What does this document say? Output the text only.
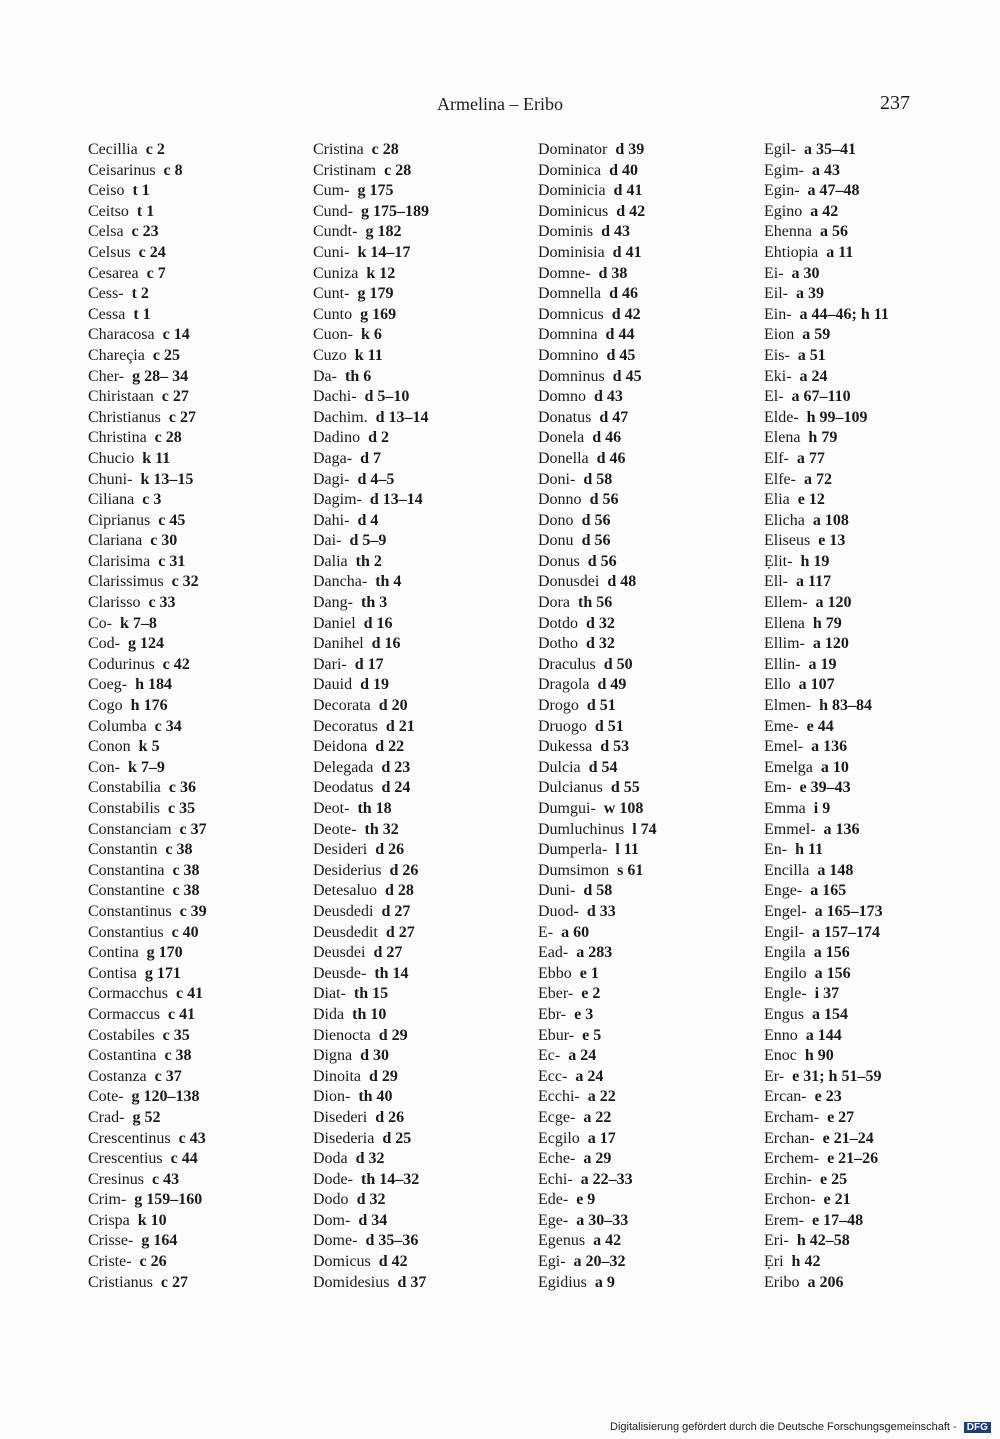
Armelina – Eribo	237
Cecillia c 2
Ceisarinus c 8
Ceiso t 1
Ceitso t 1
Celsa c 23
Celsus c 24
Cesarea c 7
Cess- t 2
Cessa t 1
Characosa c 14
Chareçia c 25
Cher- g 28– 34
Chiristaan c 27
Christianus c 27
Christina c 28
Chucio k 11
Chuni- k 13–15
Ciliana c 3
Ciprianus c 45
Clariana c 30
Clarisima c 31
Clarissimus c 32
Clarisso c 33
Co- k 7–8
Cod- g 124
Codurinus c 42
Coeg- h 184
Cogo h 176
Columba c 34
Conon k 5
Con- k 7–9
Constabilia c 36
Constabilis c 35
Constanciam c 37
Constantin c 38
Constantina c 38
Constantine c 38
Constantinus c 39
Constantius c 40
Contina g 170
Contisa g 171
Cormacchus c 41
Cormaccus c 41
Costabiles c 35
Costantina c 38
Costanza c 37
Cote- g 120–138
Crad- g 52
Crescentinus c 43
Crescentius c 44
Cresinus c 43
Crim- g 159–160
Crispa k 10
Crisse- g 164
Criste- c 26
Cristianus c 27
Cristina c 28
Cristinam c 28
Cum- g 175
Cund- g 175–189
Cundt- g 182
Cuni- k 14–17
Cuniza k 12
Cunt- g 179
Cunto g 169
Cuon- k 6
Cuzo k 11
Da- th 6
Dachi- d 5–10
Dachim. d 13–14
Dadino d 2
Daga- d 7
Dagi- d 4–5
Dagim- d 13–14
Dahi- d 4
Dai- d 5–9
Dalia th 2
Dancha- th 4
Dang- th 3
Daniel d 16
Danihel d 16
Dari- d 17
Dauid d 19
Decorata d 20
Decoratus d 21
Deidona d 22
Delegada d 23
Deodatus d 24
Deot- th 18
Deote- th 32
Desideri d 26
Desiderius d 26
Detesaluo d 28
Deusdedi d 27
Deusdedit d 27
Deusdei d 27
Deusde- th 14
Diat- th 15
Dida th 10
Dienocta d 29
Digna d 30
Dinoita d 29
Dion- th 40
Disederi d 26
Disederia d 25
Doda d 32
Dode- th 14–32
Dodo d 32
Dom- d 34
Dome- d 35–36
Domicus d 42
Domidesius d 37
Dominator d 39
Dominica d 40
Dominicia d 41
Dominicus d 42
Dominis d 43
Dominisia d 41
Domne- d 38
Domnella d 46
Domnicus d 42
Domnina d 44
Domnino d 45
Domninus d 45
Domno d 43
Donatus d 47
Donela d 46
Donella d 46
Doni- d 58
Donno d 56
Dono d 56
Donu d 56
Donus d 56
Donusdei d 48
Dora th 56
Dotdo d 32
Dotho d 32
Draculus d 50
Dragola d 49
Drogo d 51
Druogo d 51
Dukessa d 53
Dulcia d 54
Dulcianus d 55
Dumgui- w 108
Dumluchinus l 74
Dumperla- l 11
Dumsimon s 61
Duni- d 58
Duod- d 33
E- a 60
Ead- a 283
Ebbo e 1
Eber- e 2
Ebr- e 3
Ebur- e 5
Ec- a 24
Ecc- a 24
Ecchi- a 22
Ecge- a 22
Ecgilo a 17
Eche- a 29
Echi- a 22–33
Ede- e 9
Ege- a 30–33
Egenus a 42
Egi- a 20–32
Egidius a 9
Egil- a 35–41
Egim- a 43
Egin- a 47–48
Egino a 42
Ehenna a 56
Ehtiopia a 11
Ei- a 30
Eil- a 39
Ein- a 44–46; h 11
Eion a 59
Eis- a 51
Eki- a 24
El- a 67–110
Elde- h 99–109
Elena h 79
Elf- a 77
Elfe- a 72
Elia e 12
Elicha a 108
Eliseus e 13
Ẹlit- h 19
Ell- a 117
Ellem- a 120
Ellena h 79
Ellim- a 120
Ellin- a 19
Ello a 107
Elmen- h 83–84
Eme- e 44
Emel- a 136
Emelga a 10
Em- e 39–43
Emma i 9
Emmel- a 136
En- h 11
Encilla a 148
Enge- a 165
Engel- a 165–173
Engil- a 157–174
Engila a 156
Engilo a 156
Engle- i 37
Engus a 154
Enno a 144
Enoc h 90
Er- e 31; h 51–59
Ercan- e 23
Ercham- e 27
Erchan- e 21–24
Erchem- e 21–26
Erchin- e 25
Erchon- e 21
Erem- e 17–48
Eri- h 42–58
Ẹri h 42
Eribo a 206
Digitalisierung gefördert durch die Deutsche Forschungsgemeinschaft - DFG
